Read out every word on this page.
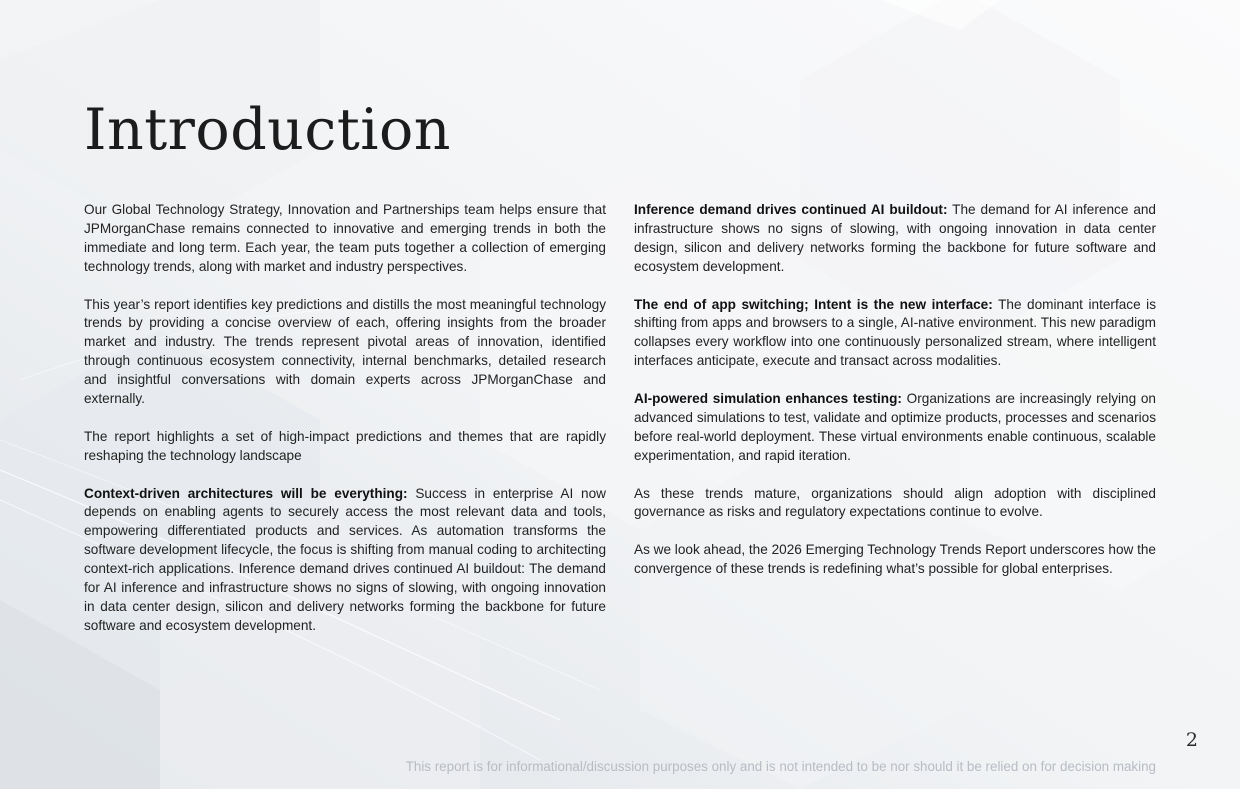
Introduction

Our Global Technology Strategy, Innovation and Partnerships team helps ensure that JPMorganChase remains connected to innovative and emerging trends in both the immediate and long term. Each year, the team puts together a collection of emerging technology trends, along with market and industry perspectives.

This year’s report identifies key predictions and distills the most meaningful technology trends by providing a concise overview of each, offering insights from the broader market and industry. The trends represent pivotal areas of innovation, identified through continuous ecosystem connectivity, internal benchmarks, detailed research and insightful conversations with domain experts across JPMorganChase and externally.

The report highlights a set of high-impact predictions and themes that are rapidly reshaping the technology landscape

Context-driven architectures will be everything: Success in enterprise AI now depends on enabling agents to securely access the most relevant data and tools, empowering differentiated products and services. As automation transforms the software development lifecycle, the focus is shifting from manual coding to architecting context-rich applications. Inference demand drives continued AI buildout: The demand for AI inference and infrastructure shows no signs of slowing, with ongoing innovation in data center design, silicon and delivery networks forming the backbone for future software and ecosystem development.

Inference demand drives continued AI buildout: The demand for AI inference and infrastructure shows no signs of slowing, with ongoing innovation in data center design, silicon and delivery networks forming the backbone for future software and ecosystem development.

The end of app switching; Intent is the new interface: The dominant interface is shifting from apps and browsers to a single, AI-native environment. This new paradigm collapses every workflow into one continuously personalized stream, where intelligent interfaces anticipate, execute and transact across modalities.

AI-powered simulation enhances testing: Organizations are increasingly relying on advanced simulations to test, validate and optimize products, processes and scenarios before real-world deployment. These virtual environments enable continuous, scalable experimentation, and rapid iteration.

As these trends mature, organizations should align adoption with disciplined governance as risks and regulatory expectations continue to evolve.

As we look ahead, the 2026 Emerging Technology Trends Report underscores how the convergence of these trends is redefining what’s possible for global enterprises.

2
This report is for informational/discussion purposes only and is not intended to be nor should it be relied on for decision making
